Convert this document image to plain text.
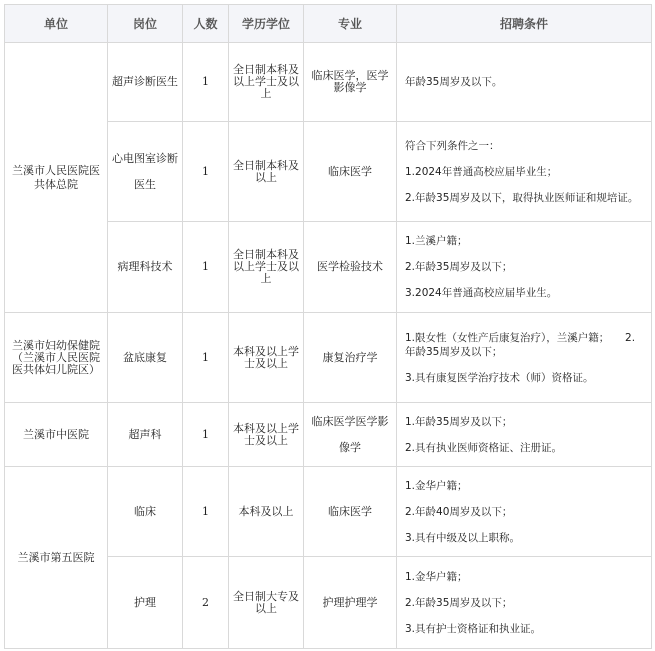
单位	岗位	人数	学历学位	专业	招聘条件
兰溪市人民医院医共体总院	超声诊断医生	1	全日制本科及以上学士及以上	临床医学，医学影像学	年龄35周岁及以下。

	心电图室诊断医生	1	全日制本科及以上	临床医学	符合下列条件之一：

1.2024年普通高校应届毕业生；

2.年龄35周岁及以下，取得执业医师证和规培证。

	病理科技术	1	全日制本科及以上学士及以上	医学检验技术	1.兰溪户籍；

2.年龄35周岁及以下；

3.2024年普通高校应届毕业生。

兰溪市妇幼保健院（兰溪市人民医院医共体妇儿院区）	盆底康复	1	本科及以上学士及以上	康复治疗学	1.限女性（女性产后康复治疗），兰溪户籍；　　2.年龄35周岁及以下；

3.具有康复医学治疗技术（师）资格证。

兰溪市中医院	超声科	1	本科及以上学士及以上	临床医学医学影像学	1.年龄35周岁及以下；

2.具有执业医师资格证、注册证。

兰溪市第五医院	临床	1	本科及以上	临床医学	1.金华户籍；

2.年龄40周岁及以下；

3.具有中级及以上职称。

	护理	2	全日制大专及以上	护理护理学	1.金华户籍；

2.年龄35周岁及以下；

3.具有护士资格证和执业证。
